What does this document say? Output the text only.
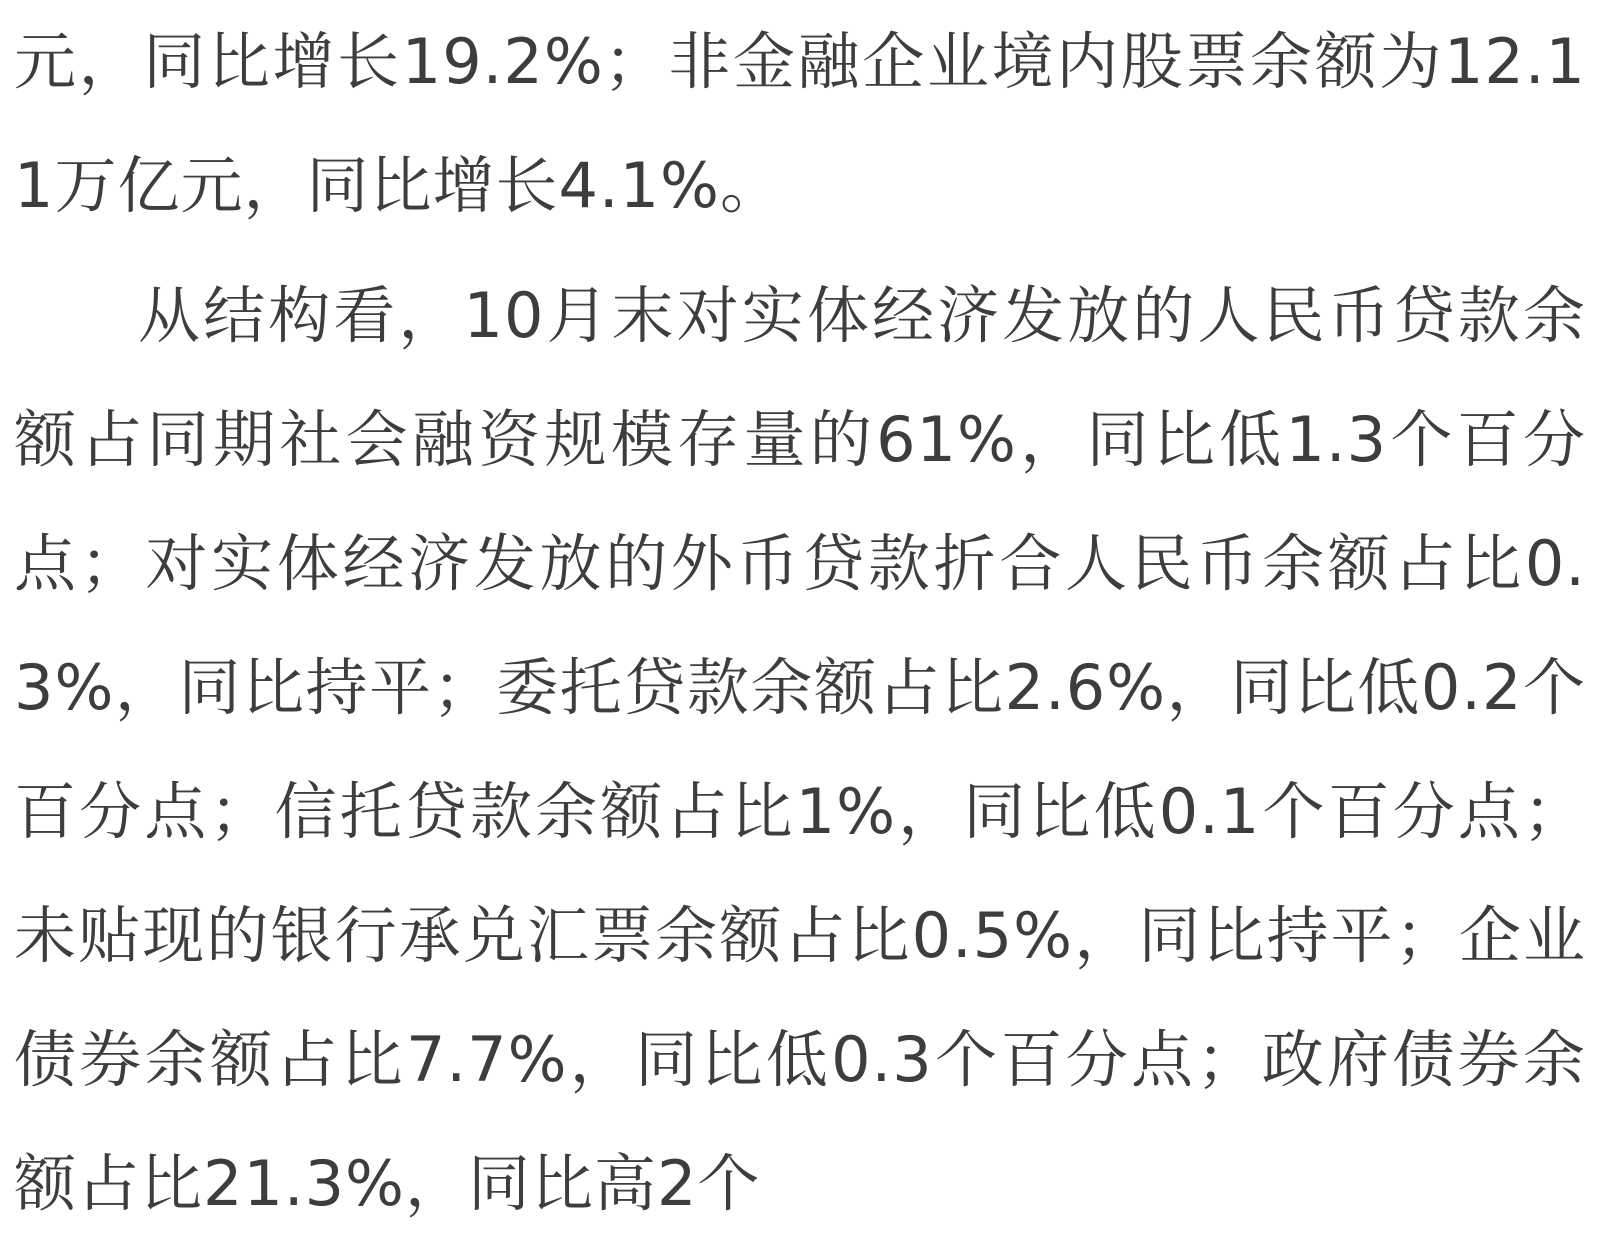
元，同比增长19.2%；非金融企业境内股票余额为12.11万亿元，同比增长4.1%。

从结构看，10月末对实体经济发放的人民币贷款余额占同期社会融资规模存量的61%，同比低1.3个百分点；对实体经济发放的外币贷款折合人民币余额占比0.3%，同比持平；委托贷款余额占比2.6%，同比低0.2个百分点；信托贷款余额占比1%，同比低0.1个百分点；未贴现的银行承兑汇票余额占比0.5%，同比持平；企业债券余额占比7.7%，同比低0.3个百分点；政府债券余额占比21.3%，同比高2个
